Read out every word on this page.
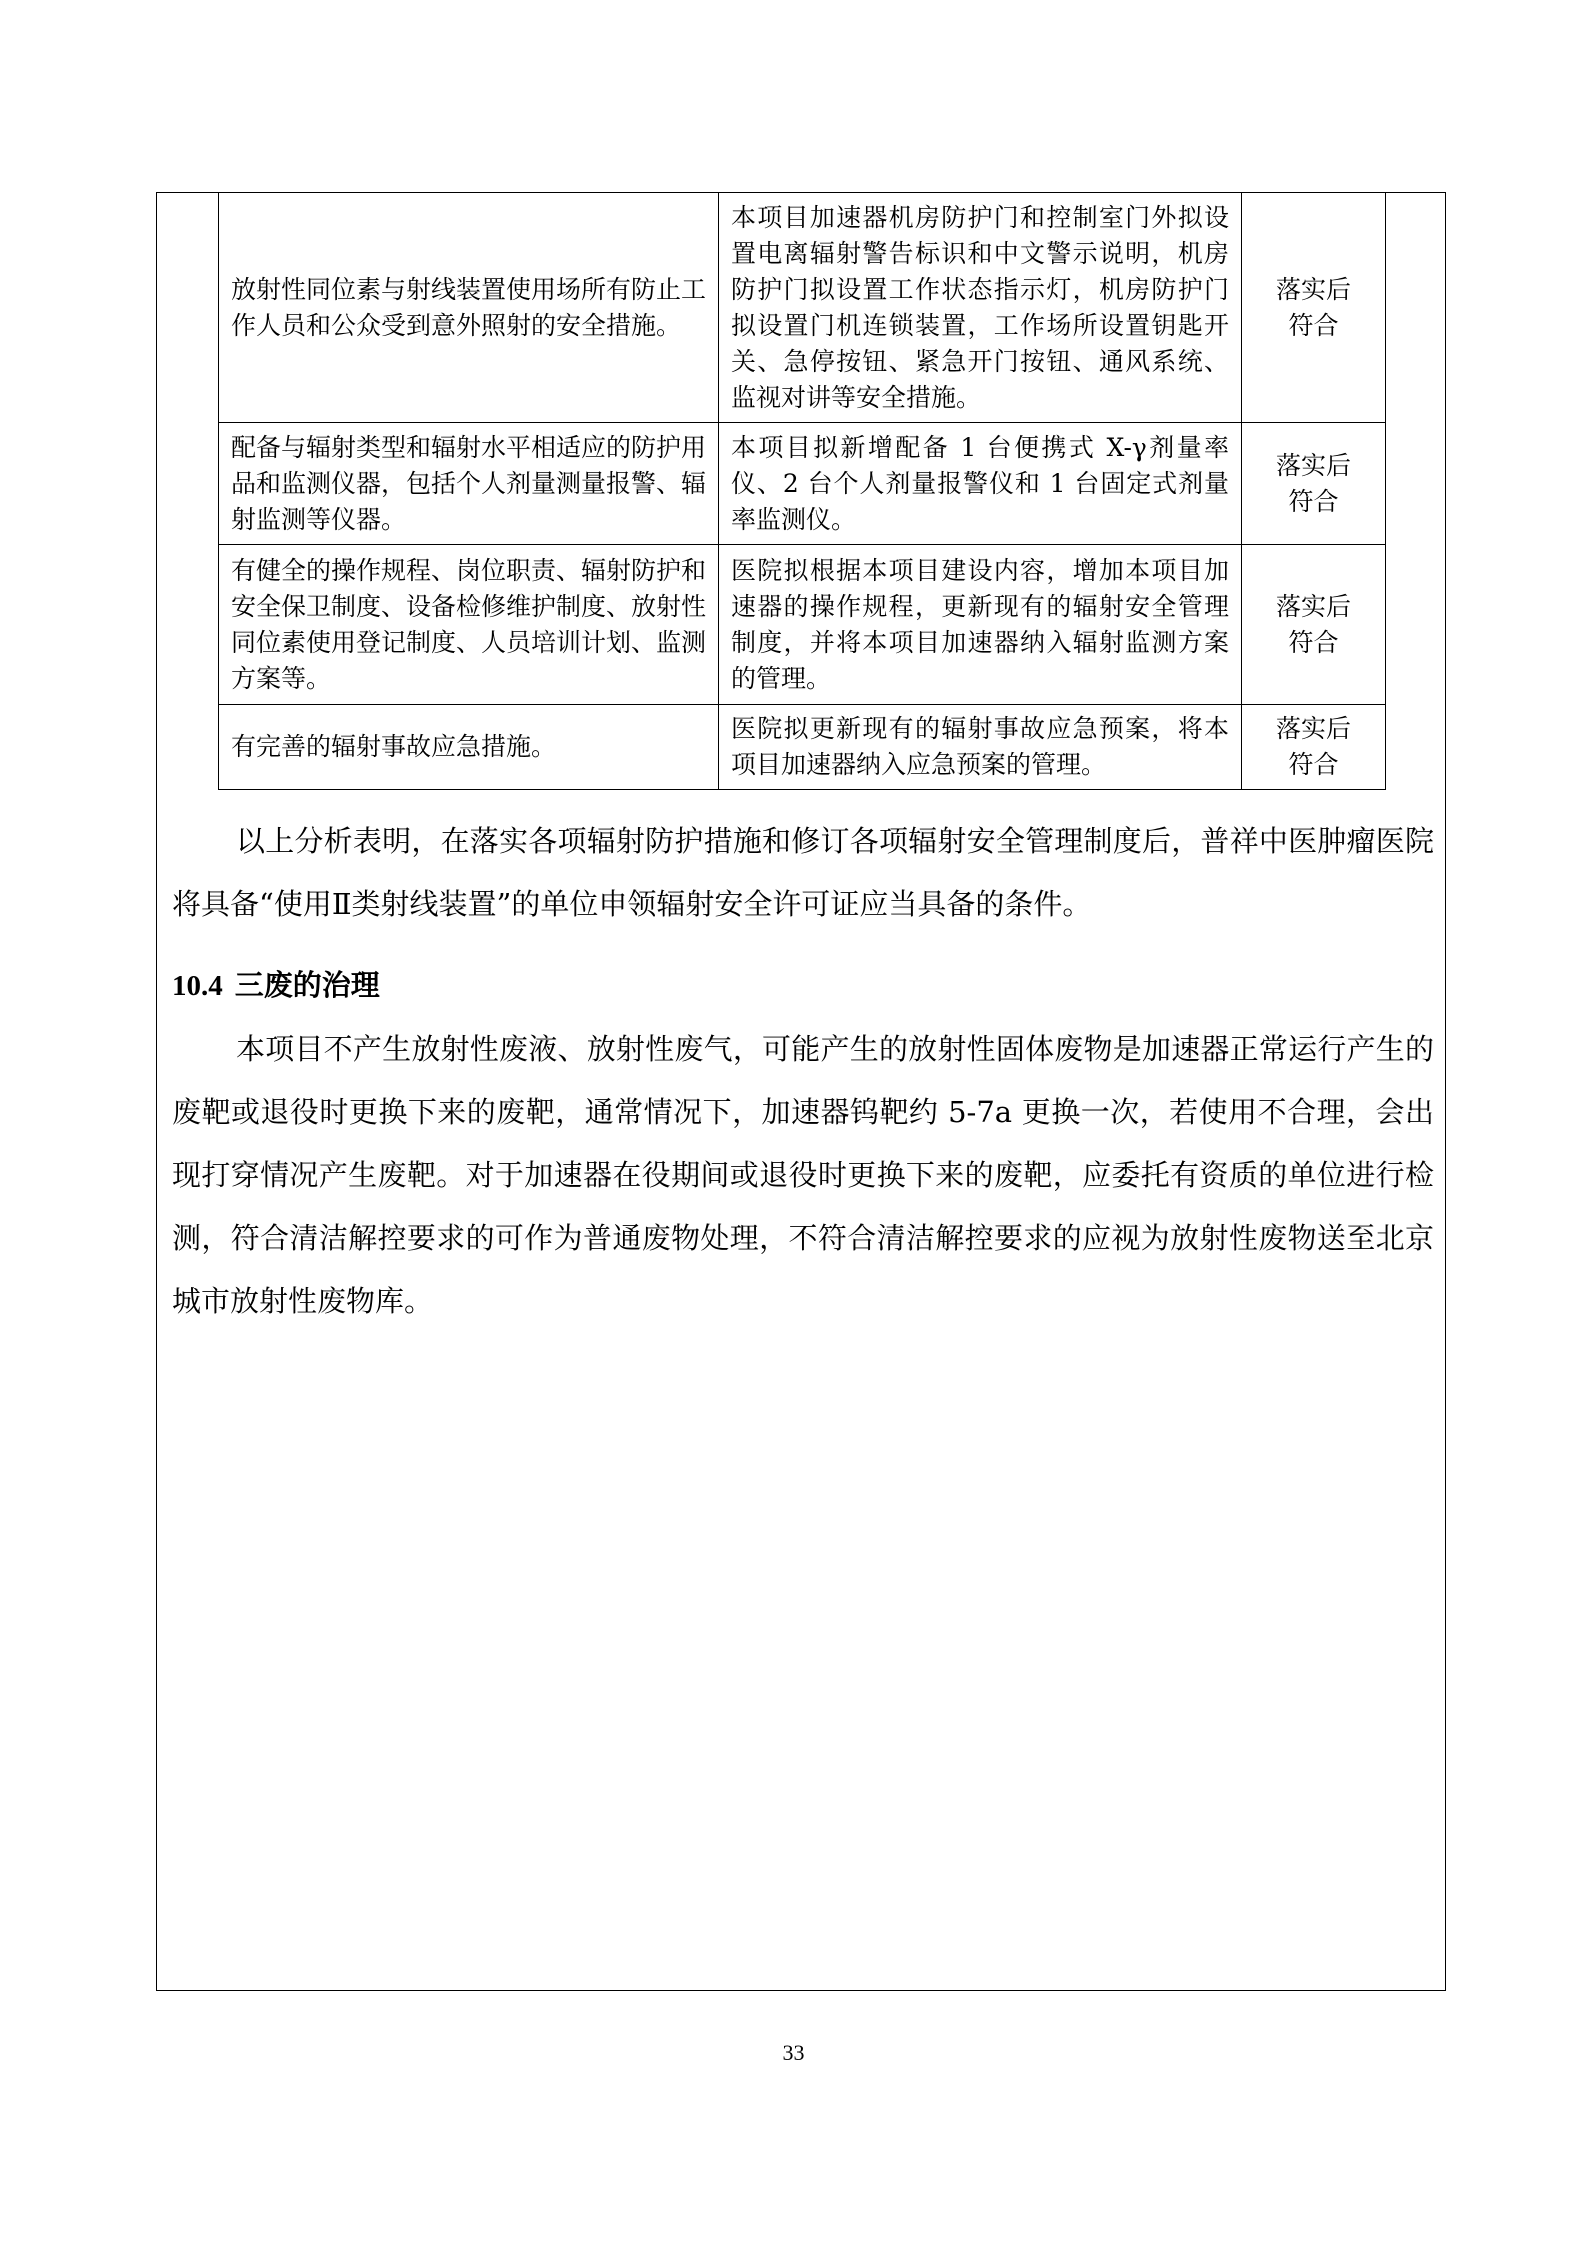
放射性同位素与射线装置使用场所有防止工作人员和公众受到意外照射的安全措施。	本项目加速器机房防护门和控制室门外拟设置电离辐射警告标识和中文警示说明，机房防护门拟设置工作状态指示灯，机房防护门拟设置门机连锁装置，工作场所设置钥匙开关、急停按钮、紧急开门按钮、通风系统、监视对讲等安全措施。	落实后
符合

配备与辐射类型和辐射水平相适应的防护用品和监测仪器，包括个人剂量测量报警、辐射监测等仪器。	本项目拟新增配备 1 台便携式 X-γ剂量率仪、2 台个人剂量报警仪和 1 台固定式剂量率监测仪。	落实后
符合

有健全的操作规程、岗位职责、辐射防护和安全保卫制度、设备检修维护制度、放射性同位素使用登记制度、人员培训计划、监测方案等。	医院拟根据本项目建设内容，增加本项目加速器的操作规程，更新现有的辐射安全管理制度，并将本项目加速器纳入辐射监测方案的管理。	落实后
符合

有完善的辐射事故应急措施。	医院拟更新现有的辐射事故应急预案，将本项目加速器纳入应急预案的管理。	落实后
符合

以上分析表明，在落实各项辐射防护措施和修订各项辐射安全管理制度后，普祥中医肿瘤医院将具备“使用Ⅱ类射线装置”的单位申领辐射安全许可证应当具备的条件。

10.4 三废的治理

本项目不产生放射性废液、放射性废气，可能产生的放射性固体废物是加速器正常运行产生的废靶或退役时更换下来的废靶，通常情况下，加速器钨靶约 5-7a 更换一次，若使用不合理，会出现打穿情况产生废靶。对于加速器在役期间或退役时更换下来的废靶，应委托有资质的单位进行检测，符合清洁解控要求的可作为普通废物处理，不符合清洁解控要求的应视为放射性废物送至北京城市放射性废物库。

33
